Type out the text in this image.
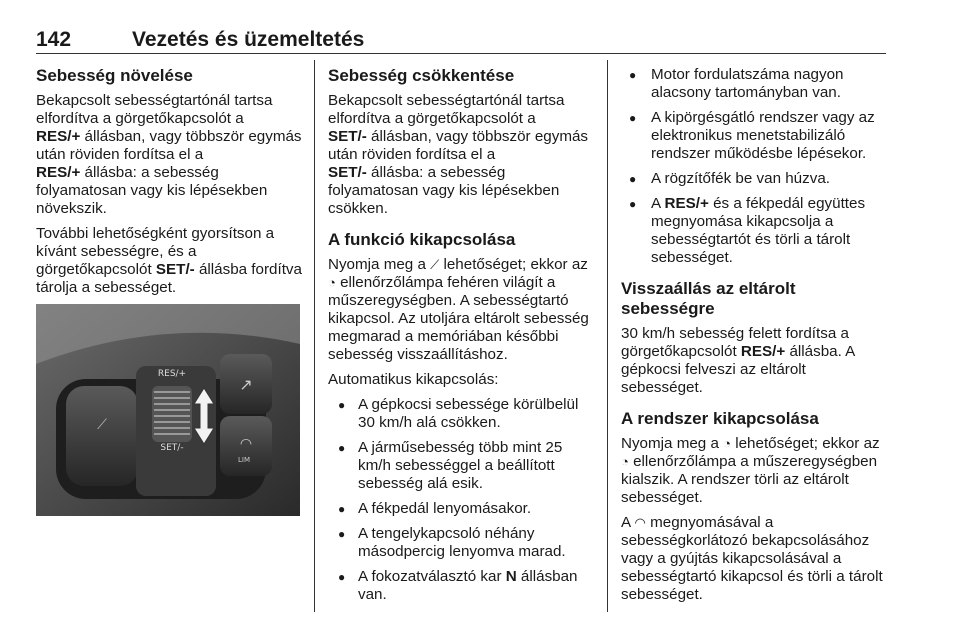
142	Vezetés és üzemeltetés
Sebesség növelése

Bekapcsolt sebességtartónál tartsa elfordítva a görgetőkapcsolót a
RES/+ állásban, vagy többször egymás után röviden fordítsa el a
RES/+ állásba: a sebesség folyamatosan vagy kis lépésekben növekszik.

További lehetőségként gyorsítson a kívánt sebességre, és a görgetőkapcsolót SET/- állásba fordítva tárolja a sebességet.

⟋
RES/+
SET/-
↗
◠
LIM
Sebesség csökkentése

Bekapcsolt sebességtartónál tartsa elfordítva a görgetőkapcsolót a
SET/- állásban, vagy többször egymás után röviden fordítsa el a
SET/- állásba: a sebesség folyamatosan vagy kis lépésekben csökken.

A funkció kikapcsolása

Nyomja meg a ⟋ lehetőséget; ekkor az ◔ ellenőrzőlámpa fehéren világít a műszeregységben. A sebességtartó kikapcsol. Az utoljára eltárolt sebesség megmarad a memóriában későbbi sebesség visszaállításhoz.

Automatikus kikapcsolás:

● A gépkocsi sebessége körülbelül 30 km/h alá csökken.
● A járműsebesség több mint 25 km/h sebességgel a beállított sebesség alá esik.
● A fékpedál lenyomásakor.
● A tengelykapcsoló néhány másodpercig lenyomva marad.
● A fokozatválasztó kar N állásban van.
● Motor fordulatszáma nagyon alacsony tartományban van.
● A kipörgésgátló rendszer vagy az elektronikus menetstabilizáló rendszer működésbe lépésekor.
● A rögzítőfék be van húzva.
● A RES/+ és a fékpedál együttes megnyomása kikapcsolja a sebességtartót és törli a tárolt sebességet.
Visszaállás az eltárolt sebességre

30 km/h sebesség felett fordítsa a görgetőkapcsolót RES/+ állásba. A gépkocsi felveszi az eltárolt sebességet.

A rendszer kikapcsolása

Nyomja meg a ◔ lehetőséget; ekkor az ◔ ellenőrzőlámpa a műszeregységben kialszik. A rendszer törli az eltárolt sebességet.

A ◠ megnyomásával a sebességkorlátozó bekapcsolásához vagy a gyújtás kikapcsolásával a sebességtartó kikapcsol és törli a tárolt sebességet.
